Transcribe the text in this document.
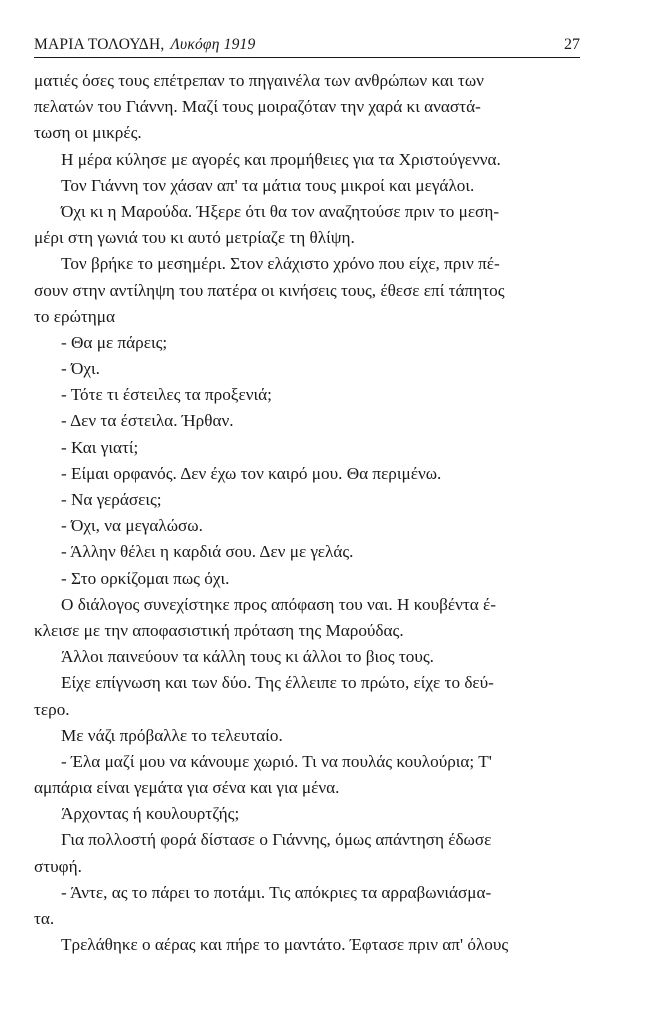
ΜΑΡΙΑ ΤΟΛΟΥΔΗ, Λυκόφη 1919	27
ματιές όσες τους επέτρεπαν το πηγαινέλα των ανθρώπων και των
πελατών του Γιάννη. Μαζί τους μοιραζόταν την χαρά κι αναστά-
τωση οι μικρές.
Η μέρα κύλησε με αγορές και προμήθειες για τα Χριστούγεννα.
Τον Γιάννη τον χάσαν απ' τα μάτια τους μικροί και μεγάλοι.
Όχι κι η Μαρούδα. Ήξερε ότι θα τον αναζητούσε πριν το μεση-
μέρι στη γωνιά του κι αυτό μετρίαζε τη θλίψη.
Τον βρήκε το μεσημέρι. Στον ελάχιστο χρόνο που είχε, πριν πέ-
σουν στην αντίληψη του πατέρα οι κινήσεις τους, έθεσε επί τάπητος
το ερώτημα
- Θα με πάρεις;
- Όχι.
- Τότε τι έστειλες τα προξενιά;
- Δεν τα έστειλα. Ήρθαν.
- Και γιατί;
- Είμαι ορφανός. Δεν έχω τον καιρό μου. Θα περιμένω.
- Να γεράσεις;
- Όχι, να μεγαλώσω.
- Άλλην θέλει η καρδιά σου. Δεν με γελάς.
- Στο ορκίζομαι πως όχι.
Ο διάλογος συνεχίστηκε προς απόφαση του ναι. Η κουβέντα έ-
κλεισε με την αποφασιστική πρόταση της Μαρούδας.
Άλλοι παινεύουν τα κάλλη τους κι άλλοι το βιος τους.
Είχε επίγνωση και των δύο. Της έλλειπε το πρώτο, είχε το δεύ-
τερο.
Με νάζι πρόβαλλε το τελευταίο.
- Έλα μαζί μου να κάνουμε χωριό. Τι να πουλάς κουλούρια; Τ'
αμπάρια είναι γεμάτα για σένα και για μένα.
Άρχοντας ή κουλουρτζής;
Για πολλοστή φορά δίστασε ο Γιάννης, όμως απάντηση έδωσε
στυφή.
- Άντε, ας το πάρει το ποτάμι. Τις απόκριες τα αρραβωνιάσμα-
τα.
Τρελάθηκε ο αέρας και πήρε το μαντάτο. Έφτασε πριν απ' όλους
